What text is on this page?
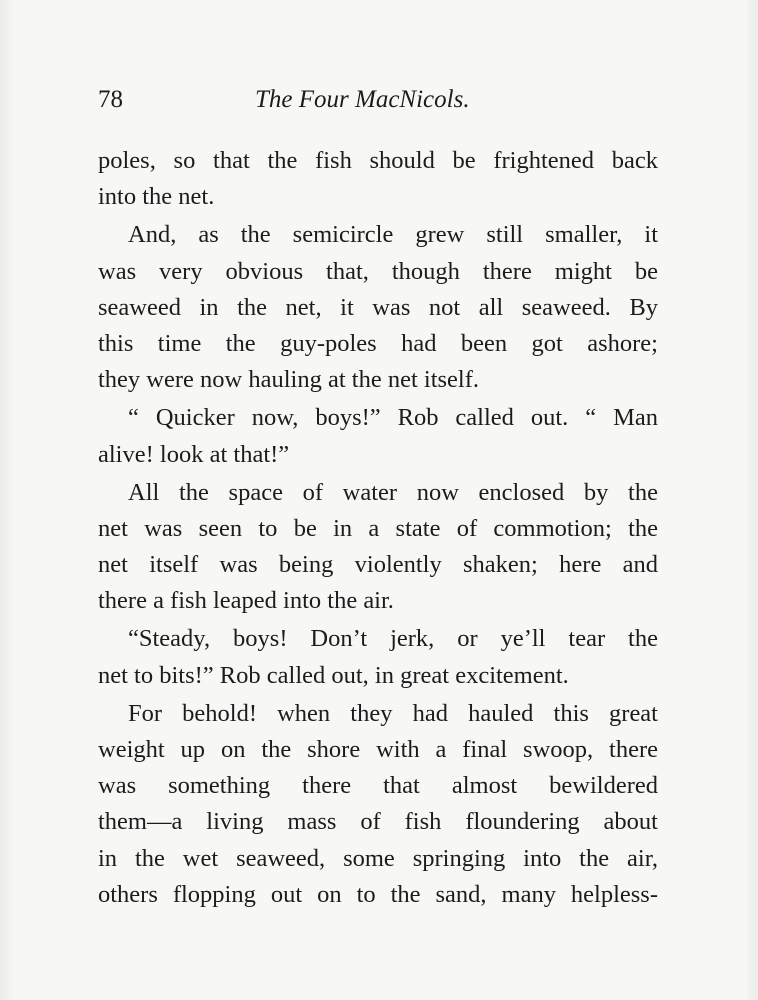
78	The Four MacNicols.
poles, so that the fish should be frightened back
into the net.
And, as the semicircle grew still smaller, it
was very obvious that, though there might be
seaweed in the net, it was not all seaweed. By
this time the guy-poles had been got ashore;
they were now hauling at the net itself.
“ Quicker now, boys!” Rob called out. “ Man
alive! look at that!”
All the space of water now enclosed by the
net was seen to be in a state of commotion; the
net itself was being violently shaken; here and
there a fish leaped into the air.
“Steady, boys! Don’t jerk, or ye’ll tear the
net to bits!” Rob called out, in great excitement.
For behold! when they had hauled this great
weight up on the shore with a final swoop, there
was something there that almost bewildered
them—a living mass of fish floundering about
in the wet seaweed, some springing into the air,
others flopping out on to the sand, many helpless-
